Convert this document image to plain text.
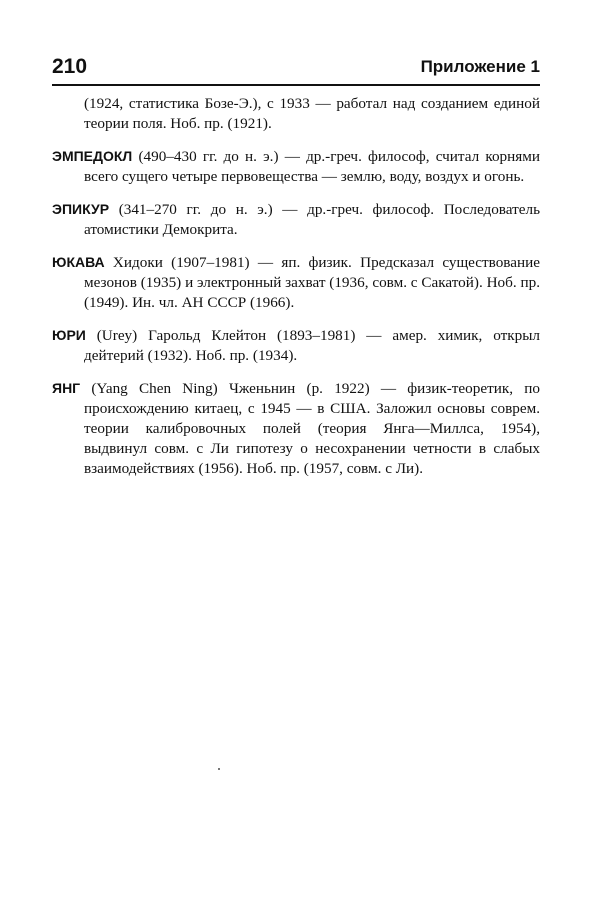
210	Приложение 1

(1924, статистика Бозе-Э.), с 1933 — работал над созданием единой теории поля. Ноб. пр. (1921).

ЭМПЕДОКЛ (490–430 гг. до н. э.) — др.-греч. философ, считал корнями всего сущего четыре первовещества — землю, воду, воздух и огонь.

ЭПИКУР (341–270 гг. до н. э.) — др.-греч. философ. Последователь атомистики Демокрита.

ЮКАВА Хидоки (1907–1981) — яп. физик. Предсказал существование мезонов (1935) и электронный захват (1936, совм. с Сакатой). Ноб. пр. (1949). Ин. чл. АН СССР (1966).

ЮРИ (Urey) Гарольд Клейтон (1893–1981) — амер. химик, открыл дейтерий (1932). Ноб. пр. (1934).

ЯНГ (Yang Chen Ning) Чженьнин (р. 1922) — физик-теоретик, по происхождению китаец, с 1945 — в США. Заложил основы соврем. теории калибровочных полей (теория Янга—Миллса, 1954), выдвинул совм. с Ли гипотезу о несохранении четности в слабых взаимодействиях (1956). Ноб. пр. (1957, совм. с Ли).
